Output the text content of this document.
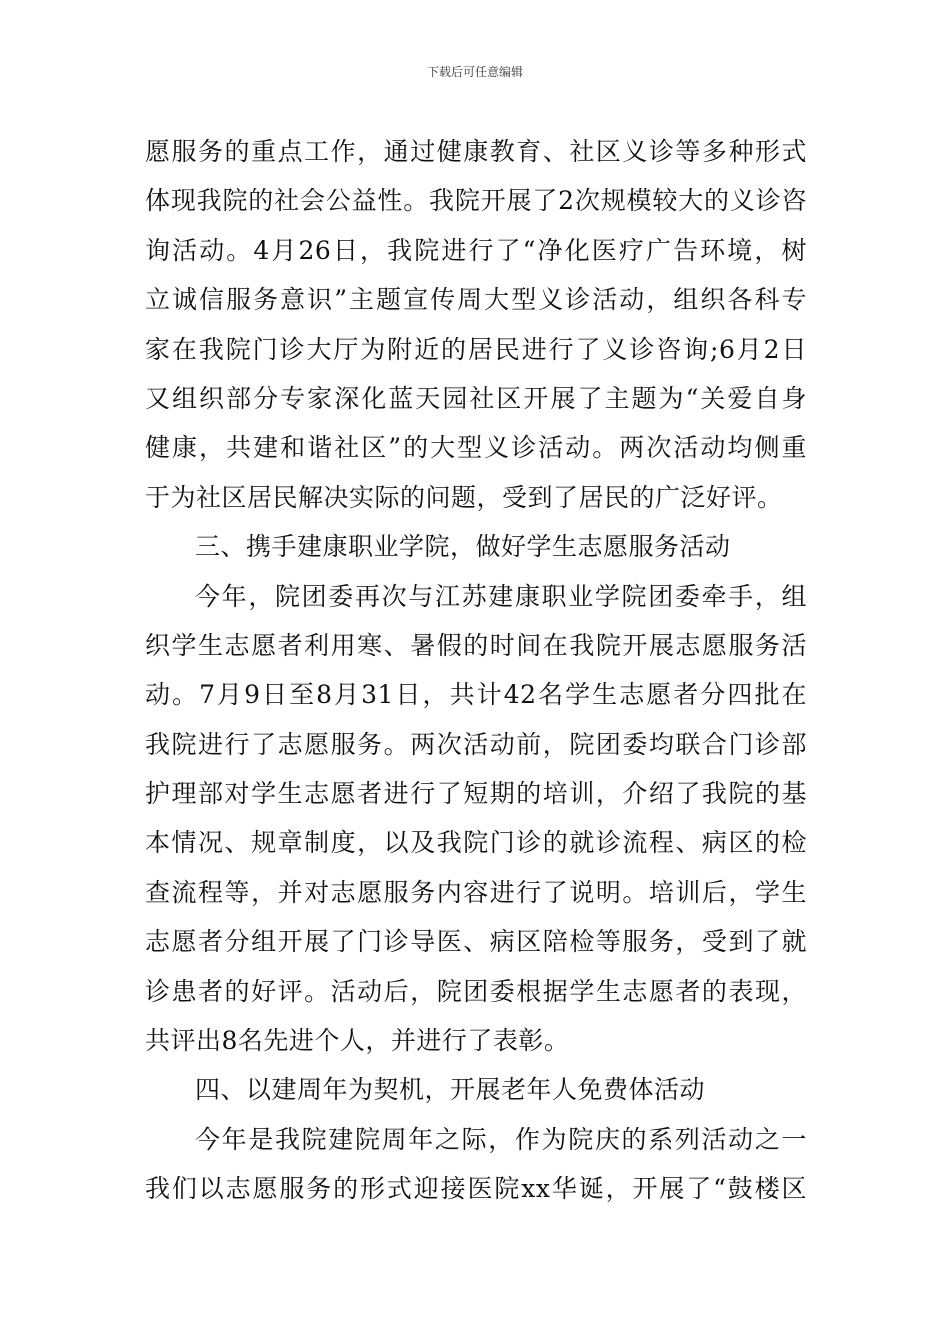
下载后可任意编辑
愿服务的重点工作，通过健康教育、社区义诊等多种形式
体现我院的社会公益性。我院开展了2次规模较大的义诊咨
询活动。4月26日，我院进行了“净化医疗广告环境，树
立诚信服务意识”主题宣传周大型义诊活动，组织各科专
家在我院门诊大厅为附近的居民进行了义诊咨询;6月2日
又组织部分专家深化蓝天园社区开展了主题为“关爱自身
健康，共建和谐社区”的大型义诊活动。两次活动均侧重
于为社区居民解决实际的问题，受到了居民的广泛好评。
三、携手建康职业学院，做好学生志愿服务活动
今年，院团委再次与江苏建康职业学院团委牵手，组
织学生志愿者利用寒、暑假的时间在我院开展志愿服务活
动。7月9日至8月31日，共计42名学生志愿者分四批在
我院进行了志愿服务。两次活动前，院团委均联合门诊部
护理部对学生志愿者进行了短期的培训，介绍了我院的基
本情况、规章制度，以及我院门诊的就诊流程、病区的检
查流程等，并对志愿服务内容进行了说明。培训后，学生
志愿者分组开展了门诊导医、病区陪检等服务，受到了就
诊患者的好评。活动后，院团委根据学生志愿者的表现，
共评出8名先进个人，并进行了表彰。
四、以建周年为契机，开展老年人免费体活动
今年是我院建院周年之际，作为院庆的系列活动之一
我们以志愿服务的形式迎接医院xx华诞，开展了“鼓楼区
